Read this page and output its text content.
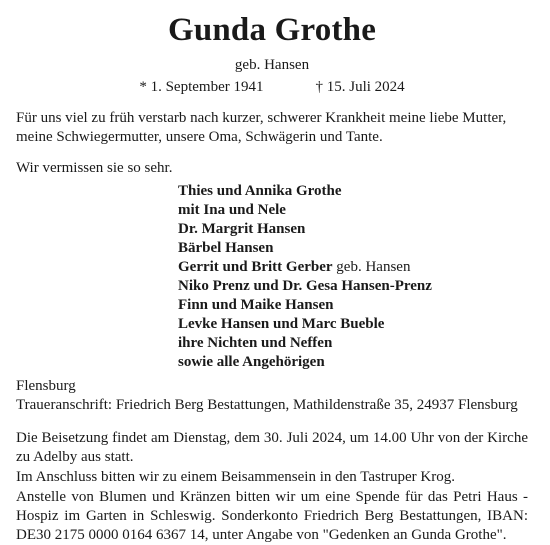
Gunda Grothe
geb. Hansen
* 1. September 1941	† 15. Juli 2024
Für uns viel zu früh verstarb nach kurzer, schwerer Krankheit meine liebe Mutter,
meine Schwiegermutter, unsere Oma, Schwägerin und Tante.
Wir vermissen sie so sehr.
Thies und Annika Grothe
mit Ina und Nele
Dr. Margrit Hansen
Bärbel Hansen
Gerrit und Britt Gerber geb. Hansen
Niko Prenz und Dr. Gesa Hansen-Prenz
Finn und Maike Hansen
Levke Hansen und Marc Bueble
ihre Nichten und Neffen
sowie alle Angehörigen
Flensburg
Traueranschrift: Friedrich Berg Bestattungen, Mathildenstraße 35, 24937 Flensburg
Die Beisetzung findet am Dienstag, dem 30. Juli 2024, um 14.00 Uhr von der Kirche zu Adelby aus statt.
Im Anschluss bitten wir zu einem Beisammensein in den Tastruper Krog.
Anstelle von Blumen und Kränzen bitten wir um eine Spende für das Petri Haus - Hospiz im Garten in Schleswig. Sonderkonto Friedrich Berg Bestattungen, IBAN: DE30 2175 0000 0164 6367 14, unter Angabe von "Gedenken an Gunda Grothe".
